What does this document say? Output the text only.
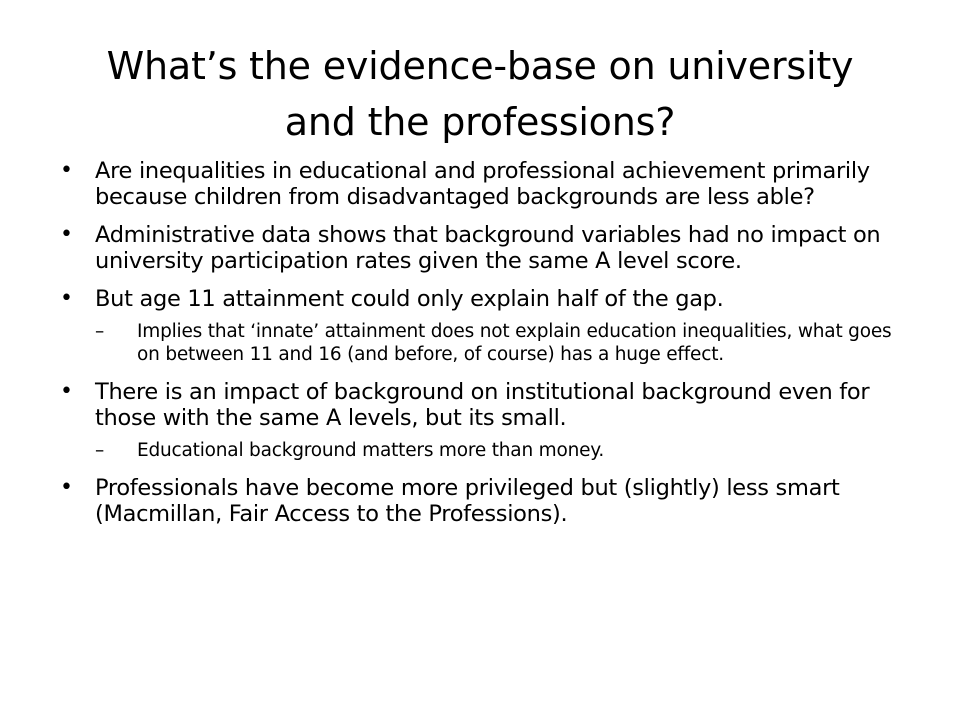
What’s the evidence-base on university
and the professions?
• Are inequalities in educational and professional achievement primarily because children from disadvantaged backgrounds are less able?
• Administrative data shows that background variables had no impact on university participation rates given the same A level score.
• But age 11 attainment could only explain half of the gap.
–	Implies that ‘innate’ attainment does not explain education inequalities, what goes on between 11 and 16 (and before, of course) has a huge effect.
• There is an impact of background on institutional background even for those with the same A levels, but its small.
–	Educational background matters more than money.
• Professionals have become more privileged but (slightly) less smart (Macmillan, Fair Access to the Professions).
